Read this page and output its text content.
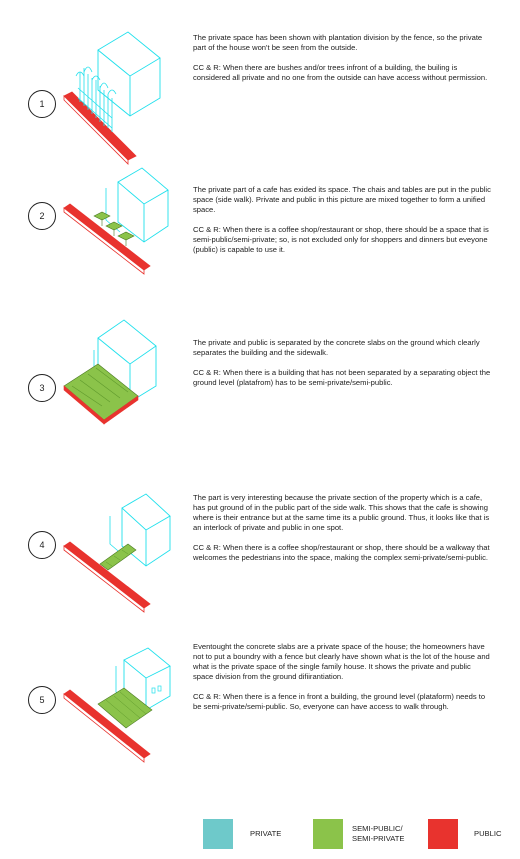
1

The private space has been shown with plantation division by the fence, so the private part of the house won't be seen from the outside.

CC & R: When there are bushes and/or trees infront of a building, the builing is considered all private and no one from the outside can have access without permission.

2

The private part of a cafe has exided its space. The chais and tables are put in the public space (side walk). Private and public in this picture are mixed together to form a unified space.

CC & R: When there is a coffee shop/restaurant or shop, there should be a space that is semi-public/semi-private; so, is not excluded only for shoppers and dinners but eveyone (public) is capable to use it.

3

The private and public is separated by the concrete slabs on the ground which clearly separates the building and the sidewalk.

CC & R: When there is a building that has not been separated by a separating object the ground level (platafrom) has to be semi-private/semi-public.

4

The part is very interesting because the private section of the property which is a cafe, has put ground of in the public part of the side walk. This shows that the cafe is showing where is their entrance but at the same time its a public ground. Thus, it looks like that is an interlock of private and public in one spot.

CC & R: When there is a coffee shop/restaurant or shop, there should be a walkway that welcomes the pedestrians into the space, making the complex semi-private/semi-public.

5

Eventought the concrete slabs are a private space of the house; the homeowners have not to put a boundry with a fence but clearly have shown what is the lot of the house and what is the private space of the single family house. It shows the private and public space division from the ground difiirantiation.

CC & R: When there is a fence in front a building, the ground level (plataform) needs to be semi-private/semi-public. So, everyone can have access to walk through.

PRIVATE
SEMI-PUBLIC/
SEMI-PRIVATE
PUBLIC
